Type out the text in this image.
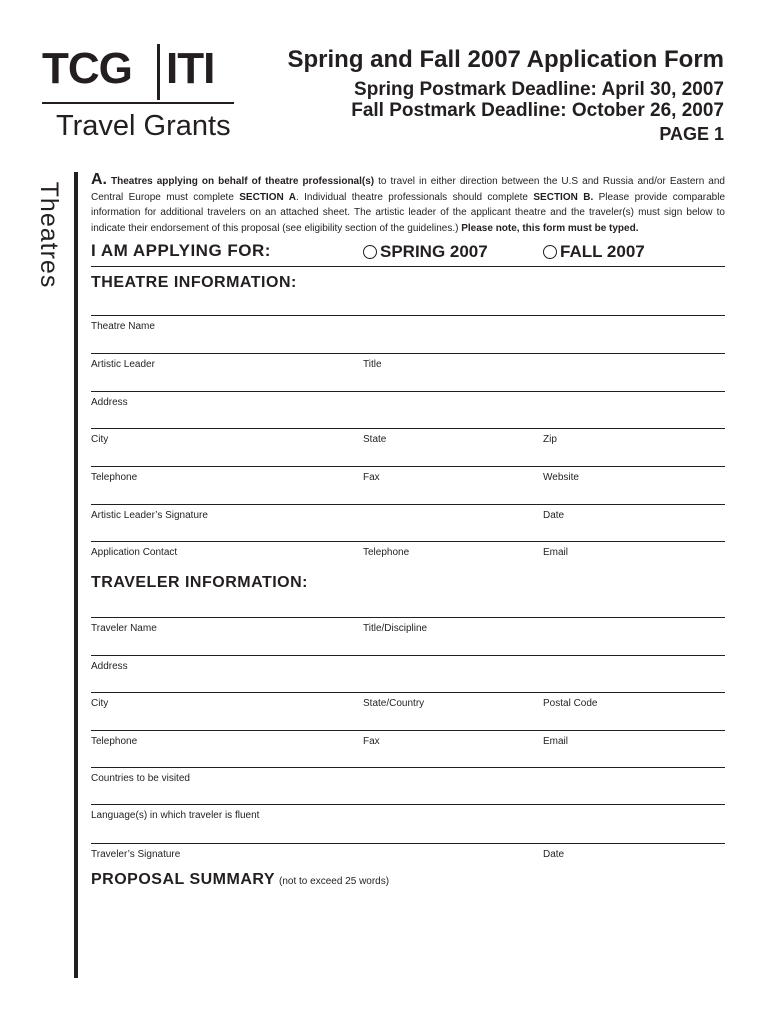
TCG ITI
Travel Grants
Spring and Fall 2007 Application Form
Spring Postmark Deadline: April 30, 2007
Fall Postmark Deadline: October 26, 2007
PAGE 1
Theatres
A. Theatres applying on behalf of theatre professional(s) to travel in either direction between the U.S and Russia and/or Eastern and Central Europe must complete SECTION A. Individual theatre professionals should complete SECTION B. Please provide comparable information for additional travelers on an attached sheet. The artistic leader of the applicant theatre and the traveler(s) must sign below to indicate their endorsement of this proposal (see eligibility section of the guidelines.) Please note, this form must be typed.
I AM APPLYING FOR:	SPRING 2007	FALL 2007
THEATRE INFORMATION:
Theatre Name
Artistic Leader	Title
Address
City	State	Zip
Telephone	Fax	Website
Artistic Leader’s Signature	Date
Application Contact	Telephone	Email
TRAVELER INFORMATION:
Traveler Name	Title/Discipline
Address
City	State/Country	Postal Code
Telephone	Fax	Email
Countries to be visited
Language(s) in which traveler is fluent
Traveler’s Signature	Date
PROPOSAL SUMMARY (not to exceed 25 words)
